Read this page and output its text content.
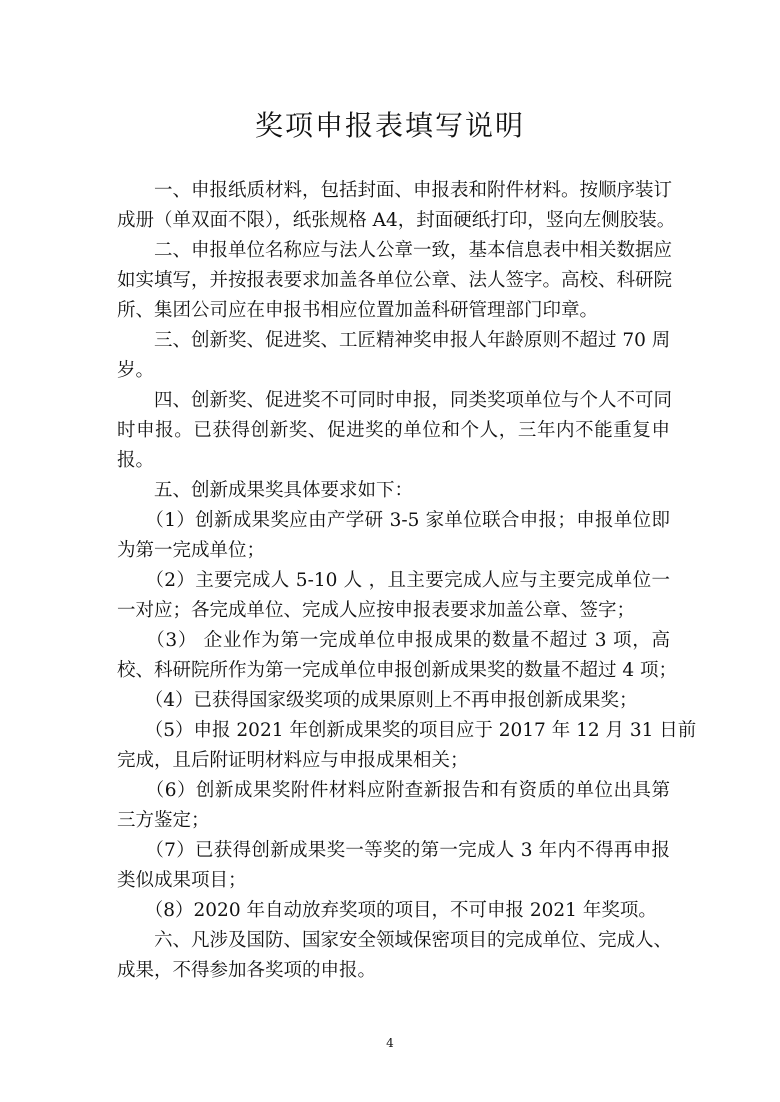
奖项申报表填写说明
　　一、申报纸质材料，包括封面、申报表和附件材料。按顺序装订
成册（单双面不限），纸张规格 A4，封面硬纸打印，竖向左侧胶装。
　　二、申报单位名称应与法人公章一致，基本信息表中相关数据应
如实填写，并按报表要求加盖各单位公章、法人签字。高校、科研院
所、集团公司应在申报书相应位置加盖科研管理部门印章。
　　三、创新奖、促进奖、工匠精神奖申报人年龄原则不超过 70 周
岁。
　　四、创新奖、促进奖不可同时申报，同类奖项单位与个人不可同
时申报。已获得创新奖、促进奖的单位和个人，三年内不能重复申
报。
　　五、创新成果奖具体要求如下：
　　（1）创新成果奖应由产学研 3-5 家单位联合申报；申报单位即
为第一完成单位；
　　（2）主要完成人 5-10 人 ，且主要完成人应与主要完成单位一
一对应；各完成单位、完成人应按申报表要求加盖公章、签字；
　　（3） 企业作为第一完成单位申报成果的数量不超过 3 项，高
校、科研院所作为第一完成单位申报创新成果奖的数量不超过 4 项；
　　（4）已获得国家级奖项的成果原则上不再申报创新成果奖；
　　（5）申报 2021 年创新成果奖的项目应于 2017 年 12 月 31 日前
完成，且后附证明材料应与申报成果相关；
　　（6）创新成果奖附件材料应附查新报告和有资质的单位出具第
三方鉴定；
　　（7）已获得创新成果奖一等奖的第一完成人 3 年内不得再申报
类似成果项目；
　　（8）2020 年自动放弃奖项的项目，不可申报 2021 年奖项。
　　六、凡涉及国防、国家安全领域保密项目的完成单位、完成人、
成果，不得参加各奖项的申报。
4
